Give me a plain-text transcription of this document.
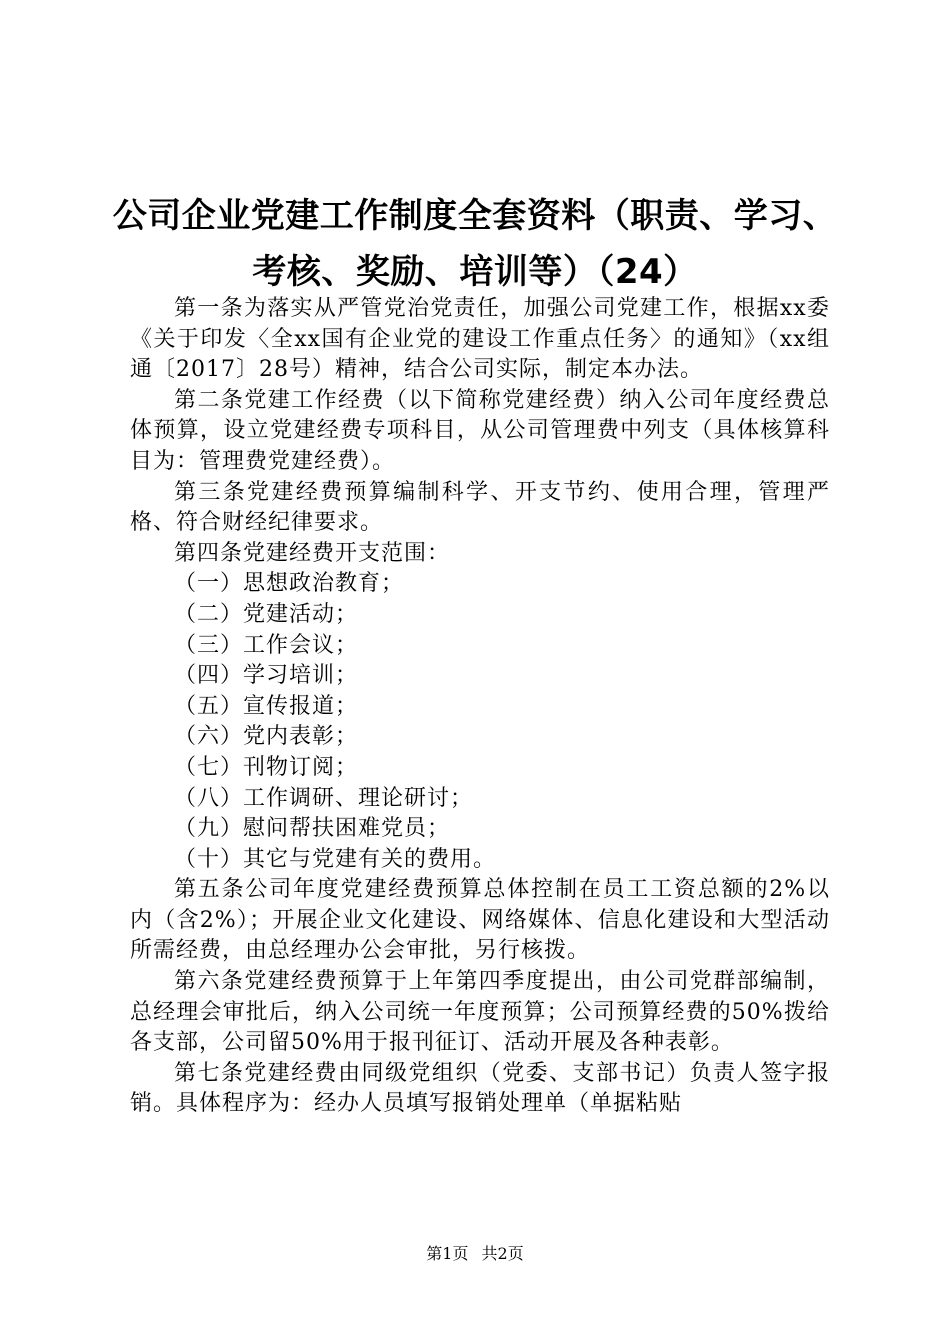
公司企业党建工作制度全套资料（职责、学习、
考核、奖励、培训等）（24）

第一条为落实从严管党治党责任，加强公司党建工作，根据xx委《关于印发〈全xx国有企业党的建设工作重点任务〉的通知》（xx组通〔2017〕28号）精神，结合公司实际，制定本办法。

第二条党建工作经费（以下简称党建经费）纳入公司年度经费总体预算，设立党建经费专项科目，从公司管理费中列支（具体核算科目为：管理费党建经费）。

第三条党建经费预算编制科学、开支节约、使用合理，管理严格、符合财经纪律要求。

第四条党建经费开支范围：

（一）思想政治教育；

（二）党建活动；

（三）工作会议；

（四）学习培训；

（五）宣传报道；

（六）党内表彰；

（七）刊物订阅；

（八）工作调研、理论研讨；

（九）慰问帮扶困难党员；

（十）其它与党建有关的费用。

第五条公司年度党建经费预算总体控制在员工工资总额的2%以内（含2%）；开展企业文化建设、网络媒体、信息化建设和大型活动所需经费，由总经理办公会审批，另行核拨。

第六条党建经费预算于上年第四季度提出，由公司党群部编制，总经理会审批后，纳入公司统一年度预算；公司预算经费的50%拨给各支部，公司留50%用于报刊征订、活动开展及各种表彰。

第七条党建经费由同级党组织（党委、支部书记）负责人签字报销。具体程序为：经办人员填写报销处理单（单据粘贴

第1页 共2页
